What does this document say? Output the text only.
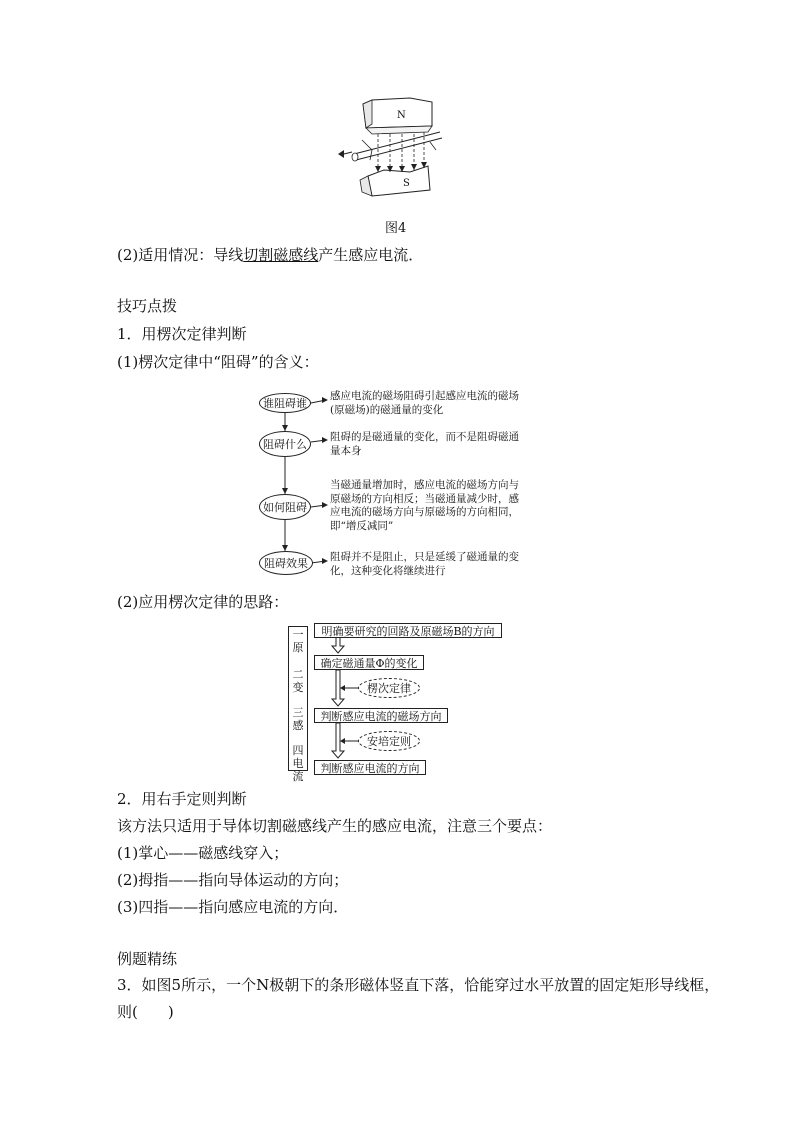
N
S
图4
(2)适用情况：导线切割磁感线产生感应电流．
技巧点拨
1．用楞次定律判断
(1)楞次定律中“阻碍”的含义：
谁阻碍谁
阻碍什么
如何阻碍
阻碍效果
感应电流的磁场阻碍引起感应电流的磁场
(原磁场)的磁通量的变化
阻碍的是磁通量的变化，而不是阻碍磁通
量本身
当磁通量增加时，感应电流的磁场方向与
原磁场的方向相反；当磁通量减少时，感
应电流的磁场方向与原磁场的方向相同，
即“增反减同”
阻碍并不是阻止，只是延缓了磁通量的变
化，这种变化将继续进行
(2)应用楞次定律的思路：
一
原
二
变
三
感
四
电
流
明确要研究的回路及原磁场B的方向
确定磁通量Φ的变化
判断感应电流的磁场方向
判断感应电流的方向
楞次定律
安培定则
2．用右手定则判断
该方法只适用于导体切割磁感线产生的感应电流，注意三个要点：
(1)掌心——磁感线穿入；
(2)拇指——指向导体运动的方向；
(3)四指——指向感应电流的方向．
例题精练
3．如图5所示，一个N极朝下的条形磁体竖直下落，恰能穿过水平放置的固定矩形导线框，
则(　　)
